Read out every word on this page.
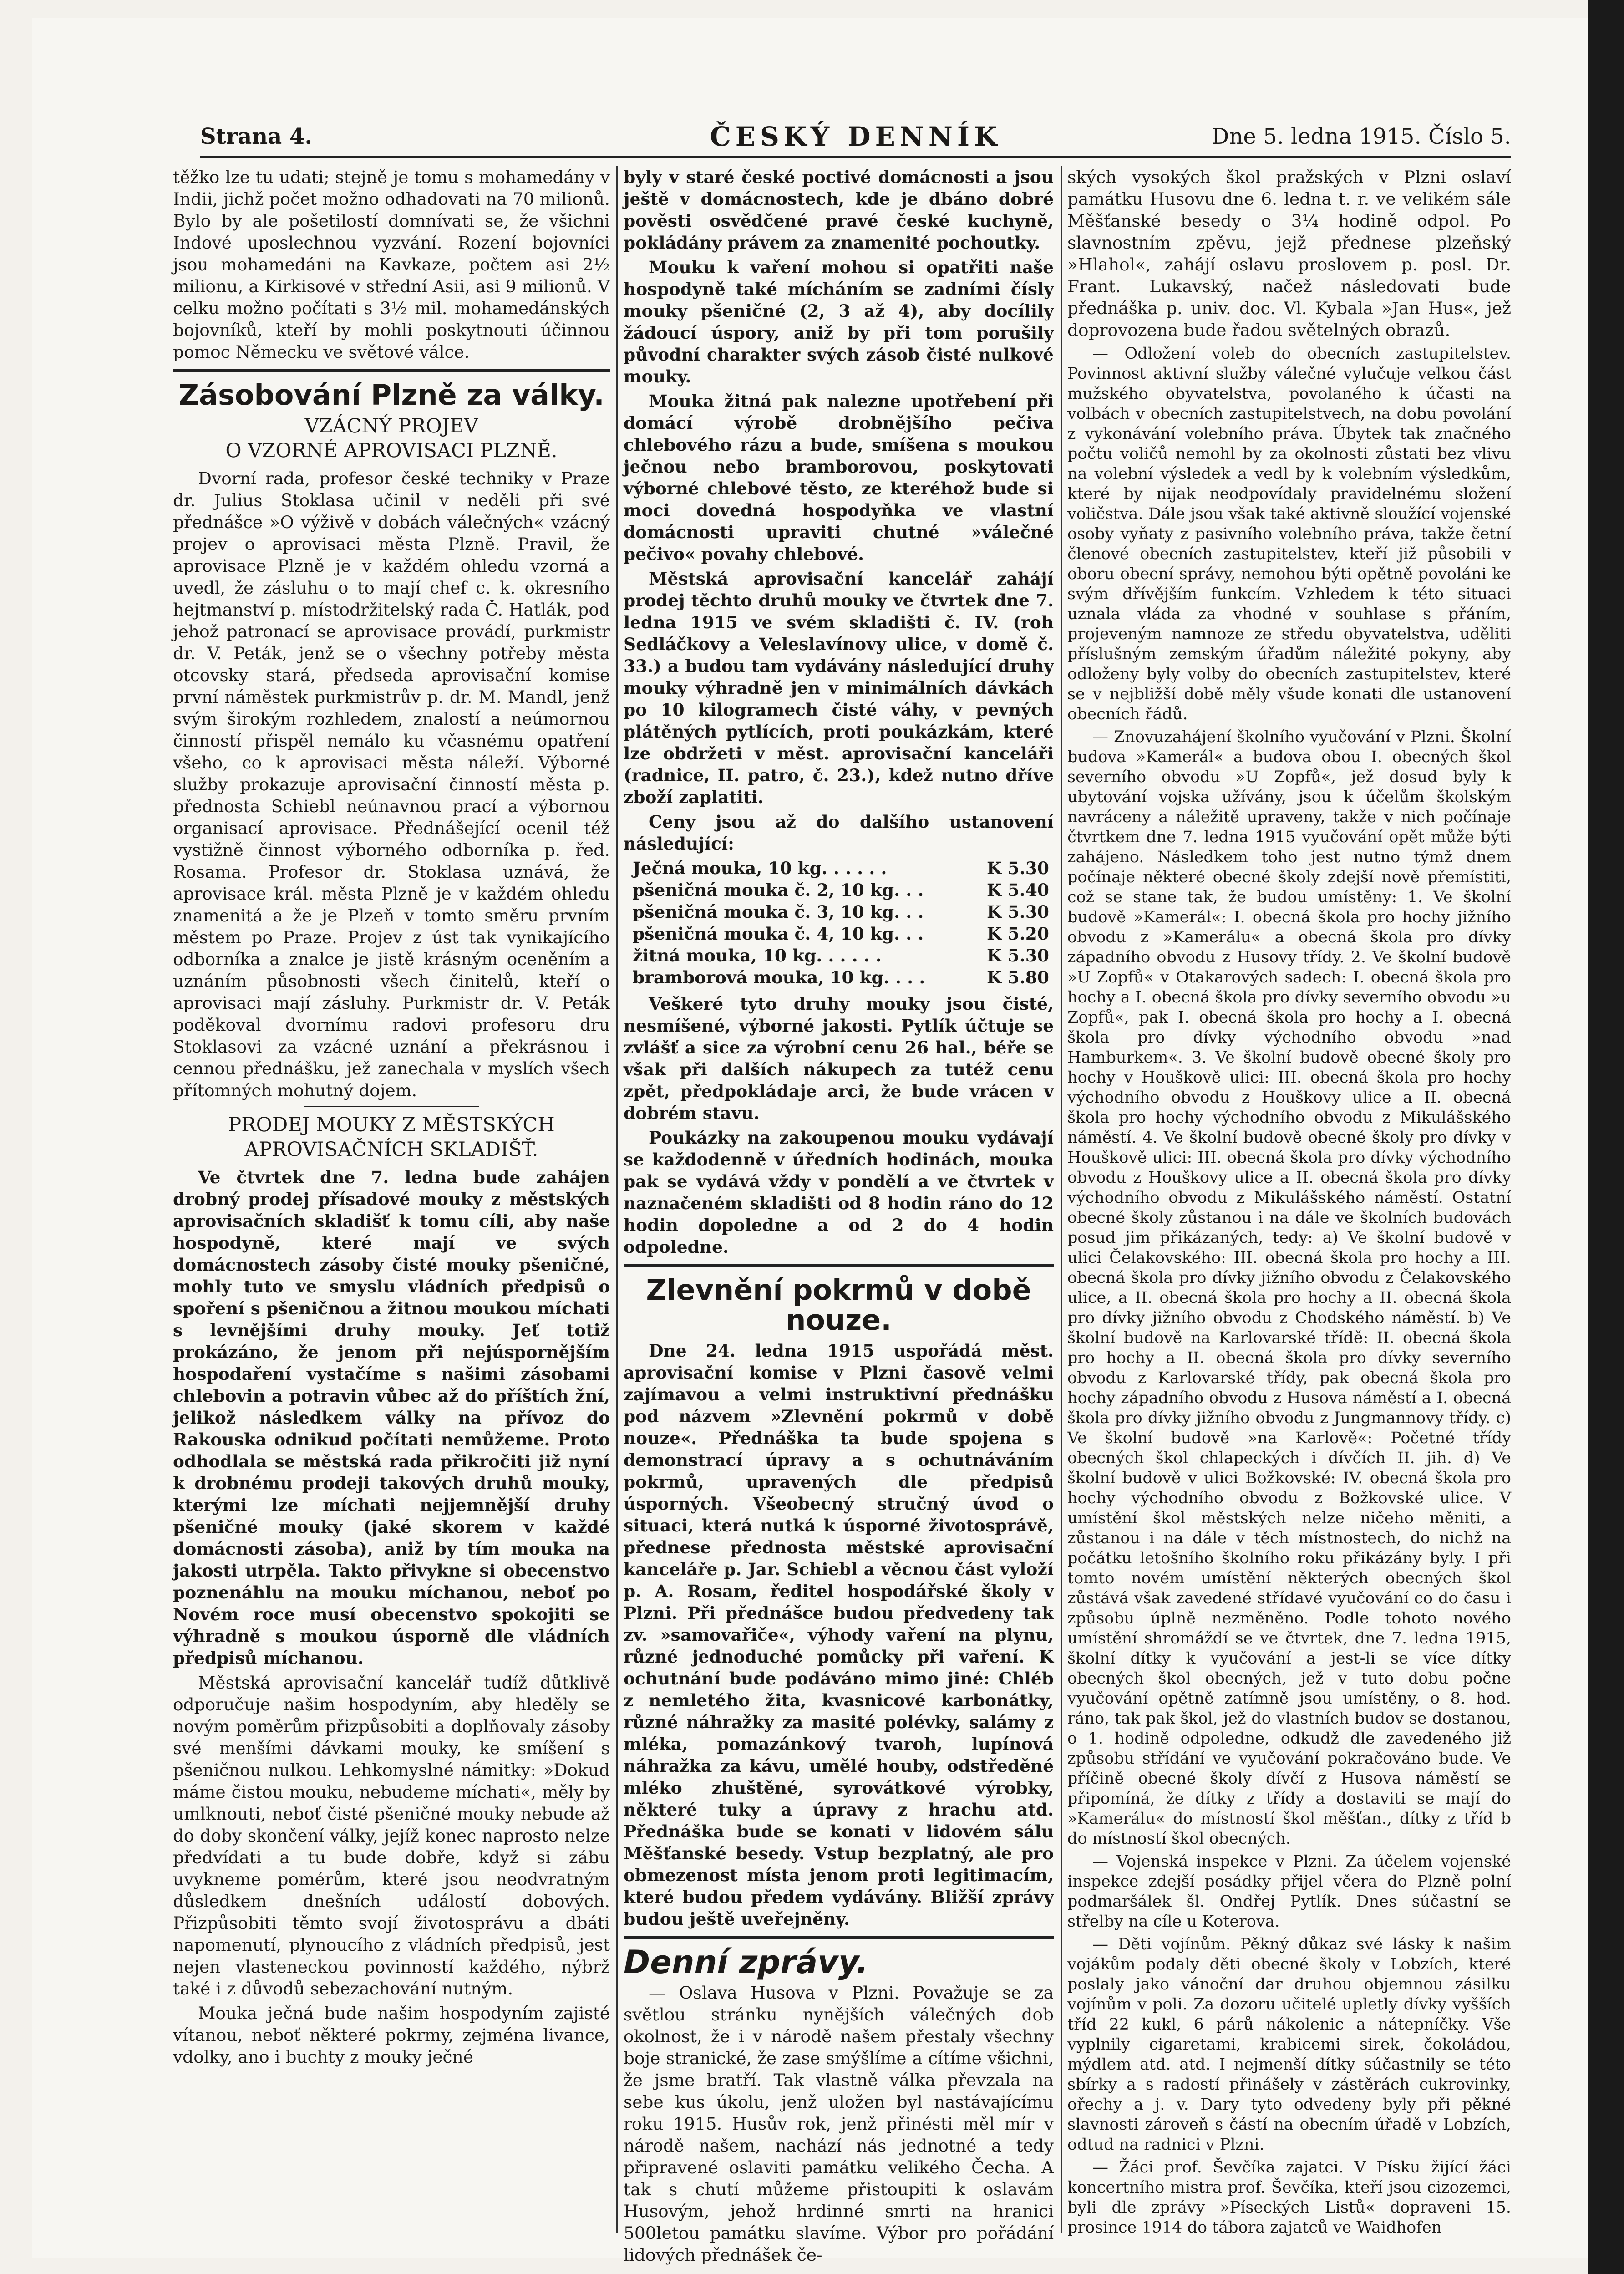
Strana 4.	ČESKÝ DENNÍK	Dne 5. ledna 1915. Číslo 5.

těžko lze tu udati; stejně je tomu s mohamedány v Indii, jichž počet možno odhadovati na 70 milionů. Bylo by ale pošetilostí domnívati se, že všichni Indové uposlechnou vyzvání. Rození bojovníci jsou mohamedáni na Kavkaze, počtem asi 2½ milionu, a Kirkisové v střední Asii, asi 9 milionů. V celku možno počítati s 3½ mil. mohamedánských bojovníků, kteří by mohli poskytnouti účinnou pomoc Německu ve světové válce.

Zásobování Plzně za války.
VZÁCNÝ PROJEV
O VZORNÉ APROVISACI PLZNĚ.

Dvorní rada, profesor české techniky v Praze dr. Julius Stoklasa učinil v neděli při své přednášce »O výživě v dobách válečných« vzácný projev o aprovisaci města Plzně. Pravil, že aprovisace Plzně je v každém ohledu vzorná a uvedl, že zásluhu o to mají chef c. k. okresního hejtmanství p. místodržitelský rada Č. Hatlák, pod jehož patronací se aprovisace provádí, purkmistr dr. V. Peták, jenž se o všechny potřeby města otcovsky stará, předseda aprovisační komise první náměstek purkmistrův p. dr. M. Mandl, jenž svým širokým rozhledem, znalostí a neúmornou činností přispěl nemálo ku včasnému opatření všeho, co k aprovisaci města náleží. Výborné služby prokazuje aprovisační činností města p. přednosta Schiebl neúnavnou prací a výbornou organisací aprovisace. Přednášející ocenil též vystižně činnost výborného odborníka p. řed. Rosama. Profesor dr. Stoklasa uznává, že aprovisace král. města Plzně je v každém ohledu znamenitá a že je Plzeň v tomto směru prvním městem po Praze. Projev z úst tak vynikajícího odborníka a znalce je jistě krásným oceněním a uznáním působnosti všech činitelů, kteří o aprovisaci mají zásluhy. Purkmistr dr. V. Peták poděkoval dvornímu radovi profesoru dru Stoklasovi za vzácné uznání a překrásnou i cennou přednášku, jež zanechala v myslích všech přítomných mohutný dojem.

PRODEJ MOUKY Z MĚSTSKÝCH
APROVISAČNÍCH SKLADIŠŤ.

Ve čtvrtek dne 7. ledna bude zahájen drobný prodej přísadové mouky z městských aprovisačních skladišť k tomu cíli, aby naše hospodyně, které mají ve svých domácnostech zásoby čisté mouky pšeničné, mohly tuto ve smyslu vládních předpisů o spoření s pšeničnou a žitnou moukou míchati s levnějšími druhy mouky. Jeť totiž prokázáno, že jenom při nejúspornějším hospodaření vystačíme s našimi zásobami chlebovin a potravin vůbec až do příštích žní, jelikož následkem války na přívoz do Rakouska odnikud počítati nemůžeme. Proto odhodlala se městská rada přikročiti již nyní k drobnému prodeji takových druhů mouky, kterými lze míchati nejjemnější druhy pšeničné mouky (jaké skorem v každé domácnosti zásoba), aniž by tím mouka na jakosti utrpěla. Takto přivykne si obecenstvo poznenáhlu na mouku míchanou, neboť po Novém roce musí obecenstvo spokojiti se výhradně s moukou úsporně dle vládních předpisů míchanou.

Městská aprovisační kancelář tudíž důtklivě odporučuje našim hospodyním, aby hleděly se novým poměrům přizpůsobiti a doplňovaly zásoby své menšími dávkami mouky, ke smíšení s pšeničnou nulkou. Lehkomyslné námitky: »Dokud máme čistou mouku, nebudeme míchati«, měly by umlknouti, neboť čisté pšeničné mouky nebude až do doby skončení války, jejíž konec naprosto nelze předvídati a tu bude dobře, když si zábu uvykneme pomérům, které jsou neodvratným důsledkem dnešních událostí dobových. Přizpůsobiti těmto svojí životosprávu a dbáti napomenutí, plynoucího z vládních předpisů, jest nejen vlasteneckou povinností každého, nýbrž také i z důvodů sebezachování nutným.

Mouka ječná bude našim hospodyním zajisté vítanou, neboť některé pokrmy, zejména livance, vdolky, ano i buchty z mouky ječné

byly v staré české poctivé domácnosti a jsou ještě v domácnostech, kde je dbáno dobré pověsti osvědčené pravé české kuchyně, pokládány právem za znamenité pochoutky.

Mouku k vaření mohou si opatřiti naše hospodyně také mícháním se zadními čísly mouky pšeničné (2, 3 až 4), aby docílily žádoucí úspory, aniž by při tom porušily původní charakter svých zásob čisté nulkové mouky.

Mouka žitná pak nalezne upotřebení při domácí výrobě drobnějšího pečiva chlebového rázu a bude, smíšena s moukou ječnou nebo bramborovou, poskytovati výborné chlebové těsto, ze kteréhož bude si moci dovedná hospodyňka ve vlastní domácnosti upraviti chutné »válečné pečivo« povahy chlebové.

Městská aprovisační kancelář zahájí prodej těchto druhů mouky ve čtvrtek dne 7. ledna 1915 ve svém skladišti č. IV. (roh Sedláčkovy a Veleslavínovy ulice, v domě č. 33.) a budou tam vydávány následující druhy mouky výhradně jen v minimálních dávkách po 10 kilogramech čisté váhy, v pevných plátěných pytlících, proti poukázkám, které lze obdržeti v měst. aprovisační kanceláři (radnice, II. patro, č. 23.), kdež nutno dříve zboží zaplatiti.

Ceny jsou až do dalšího ustanovení následující:

Ječná mouka, 10 kg. . . . . .	K 5.30
pšeničná mouka č. 2, 10 kg. . .	K 5.40
pšeničná mouka č. 3, 10 kg. . .	K 5.30
pšeničná mouka č. 4, 10 kg. . .	K 5.20
žitná mouka, 10 kg. . . . . .	K 5.30
bramborová mouka, 10 kg. . . .	K 5.80

Veškeré tyto druhy mouky jsou čisté, nesmíšené, výborné jakosti. Pytlík účtuje se zvlášť a sice za výrobní cenu 26 hal., béře se však při dalších nákupech za tutéž cenu zpět, předpokládaje arci, že bude vrácen v dobrém stavu.

Poukázky na zakoupenou mouku vydávají se každodenně v úředních hodinách, mouka pak se vydává vždy v pondělí a ve čtvrtek v naznačeném skladišti od 8 hodin ráno do 12 hodin dopoledne a od 2 do 4 hodin odpoledne.

Zlevnění pokrmů v době
nouze.

Dne 24. ledna 1915 uspořádá měst. aprovisační komise v Plzni časově velmi zajímavou a velmi instruktivní přednášku pod názvem »Zlevnění pokrmů v době nouze«. Přednáška ta bude spojena s demonstrací úpravy a s ochutnáváním pokrmů, upravených dle předpisů úsporných. Všeobecný stručný úvod o situaci, která nutká k úsporné životosprávě, přednese přednosta městské aprovisační kanceláře p. Jar. Schiebl a věcnou část vyloží p. A. Rosam, ředitel hospodářské školy v Plzni. Při přednášce budou předvedeny tak zv. »samovařiče«, výhody vaření na plynu, různé jednoduché pomůcky při vaření. K ochutnání bude podáváno mimo jiné: Chléb z nemletého žita, kvasnicové karbonátky, různé náhražky za masité polévky, salámy z mléka, pomazánkový tvaroh, lupínová náhražka za kávu, umělé houby, odstředěné mléko zhuštěné, syrovátkové výrobky, některé tuky a úpravy z hrachu atd. Přednáška bude se konati v lidovém sálu Měšťanské besedy. Vstup bezplatný, ale pro obmezenost místa jenom proti legitimacím, které budou předem vydávány. Bližší zprávy budou ještě uveřejněny.

Denní zprávy.

— Oslava Husova v Plzni. Považuje se za světlou stránku nynějších válečných dob okolnost, že i v národě našem přestaly všechny boje stranické, že zase smýšlíme a cítíme všichni, že jsme bratří. Tak vlastně válka převzala na sebe kus úkolu, jenž uložen byl nastávajícímu roku 1915. Husův rok, jenž přinésti měl mír v národě našem, nachází nás jednotné a tedy připravené oslaviti památku velikého Čecha. A tak s chutí můžeme přistoupiti k oslavám Husovým, jehož hrdinné smrti na hranici 500letou památku slavíme. Výbor pro pořádání lidových přednášek če-

ských vysokých škol pražských v Plzni oslaví památku Husovu dne 6. ledna t. r. ve velikém sále Měšťanské besedy o 3¼ hodině odpol. Po slavnostním zpěvu, jejž přednese plzeňský »Hlahol«, zahájí oslavu proslovem p. posl. Dr. Frant. Lukavský, načež následovati bude přednáška p. univ. doc. Vl. Kybala »Jan Hus«, jež doprovozena bude řadou světelných obrazů.

— Odložení voleb do obecních zastupitelstev. Povinnost aktivní služby válečné vylučuje velkou část mužského obyvatelstva, povolaného k účasti na volbách v obecních zastupitelstvech, na dobu povolání z vykonávání volebního práva. Úbytek tak značného počtu voličů nemohl by za okolnosti zůstati bez vlivu na volební výsledek a vedl by k volebním výsledkům, které by nijak neodpovídaly pravidelnému složení voličstva. Dále jsou však také aktivně sloužící vojenské osoby vyňaty z pasivního volebního práva, takže četní členové obecních zastupitelstev, kteří již působili v oboru obecní správy, nemohou býti opětně povoláni ke svým dřívějším funkcím. Vzhledem k této situaci uznala vláda za vhodné v souhlase s přáním, projeveným namnoze ze středu obyvatelstva, uděliti příslušným zemským úřadům náležité pokyny, aby odloženy byly volby do obecních zastupitelstev, které se v nejbližší době měly všude konati dle ustanovení obecních řádů.

— Znovuzahájení školního vyučování v Plzni. Školní budova »Kamerál« a budova obou I. obecných škol severního obvodu »U Zopfů«, jež dosud byly k ubytování vojska užívány, jsou k účelům školským navráceny a náležitě upraveny, takže v nich počínaje čtvrtkem dne 7. ledna 1915 vyučování opět může býti zahájeno. Následkem toho jest nutno týmž dnem počínaje některé obecné školy zdejší nově přemístiti, což se stane tak, že budou umístěny: 1. Ve školní budově »Kamerál«: I. obecná škola pro hochy jižního obvodu z »Kamerálu« a obecná škola pro dívky západního obvodu z Husovy třídy. 2. Ve školní budově »U Zopfů« v Otakarových sadech: I. obecná škola pro hochy a I. obecná škola pro dívky severního obvodu »u Zopfů«, pak I. obecná škola pro hochy a I. obecná škola pro dívky východního obvodu »nad Hamburkem«. 3. Ve školní budově obecné školy pro hochy v Houškově ulici: III. obecná škola pro hochy východního obvodu z Houškovy ulice a II. obecná škola pro hochy východního obvodu z Mikulášského náměstí. 4. Ve školní budově obecné školy pro dívky v Houškově ulici: III. obecná škola pro dívky východního obvodu z Houškovy ulice a II. obecná škola pro dívky východního obvodu z Mikulášského náměstí. Ostatní obecné školy zůstanou i na dále ve školních budovách posud jim přikázaných, tedy: a) Ve školní budově v ulici Čelakovského: III. obecná škola pro hochy a III. obecná škola pro dívky jižního obvodu z Čelakovského ulice, a II. obecná škola pro hochy a II. obecná škola pro dívky jižního obvodu z Chodského náměstí. b) Ve školní budově na Karlovarské třídě: II. obecná škola pro hochy a II. obecná škola pro dívky severního obvodu z Karlovarské třídy, pak obecná škola pro hochy západního obvodu z Husova náměstí a I. obecná škola pro dívky jižního obvodu z Jungmannovy třídy. c) Ve školní budově »na Karlově«: Početné třídy obecných škol chlapeckých i dívčích II. jih. d) Ve školní budově v ulici Božkovské: IV. obecná škola pro hochy východního obvodu z Božkovské ulice. V umístění škol městských nelze ničeho měniti, a zůstanou i na dále v těch místnostech, do nichž na počátku letošního školního roku přikázány byly. I při tomto novém umístění některých obecných škol zůstává však zavedené střídavé vyučování co do času i způsobu úplně nezměněno. Podle tohoto nového umístění shromáždí se ve čtvrtek, dne 7. ledna 1915, školní dítky k vyučování a jest-li se více dítky obecných škol obecných, jež v tuto dobu počne vyučování opětně zatímně jsou umístěny, o 8. hod. ráno, tak pak škol, jež do vlastních budov se dostanou, o 1. hodině odpoledne, odkudž dle zavedeného již způsobu střídání ve vyučování pokračováno bude. Ve příčině obecné školy dívčí z Husova náměstí se připomíná, že dítky z třídy a dostaviti se mají do »Kamerálu« do místností škol měšťan., dítky z tříd b do místností škol obecných.

— Vojenská inspekce v Plzni. Za účelem vojenské inspekce zdejší posádky přijel včera do Plzně polní podmaršálek šl. Ondřej Pytlík. Dnes súčastní se střelby na cíle u Koterova.

— Děti vojínům. Pěkný důkaz své lásky k našim vojákům podaly děti obecné školy v Lobzích, které poslaly jako vánoční dar druhou objemnou zásilku vojínům v poli. Za dozoru učitelé upletly dívky vyšších tříd 22 kukl, 6 párů nákolenic a nátepníčky. Vše vyplnily cigaretami, krabicemi sirek, čokoládou, mýdlem atd. atd. I nejmenší dítky súčastnily se této sbírky a s radostí přinášely v zástěrách cukrovinky, ořechy a j. v. Dary tyto odvedeny byly při pěkné slavnosti zároveň s částí na obecním úřadě v Lobzích, odtud na radnici v Plzni.

— Žáci prof. Ševčíka zajatci. V Písku žijící žáci koncertního mistra prof. Ševčíka, kteří jsou cizozemci, byli dle zprávy »Píseckých Listů« dopraveni 15. prosince 1914 do tábora zajatců ve Waidhofen
